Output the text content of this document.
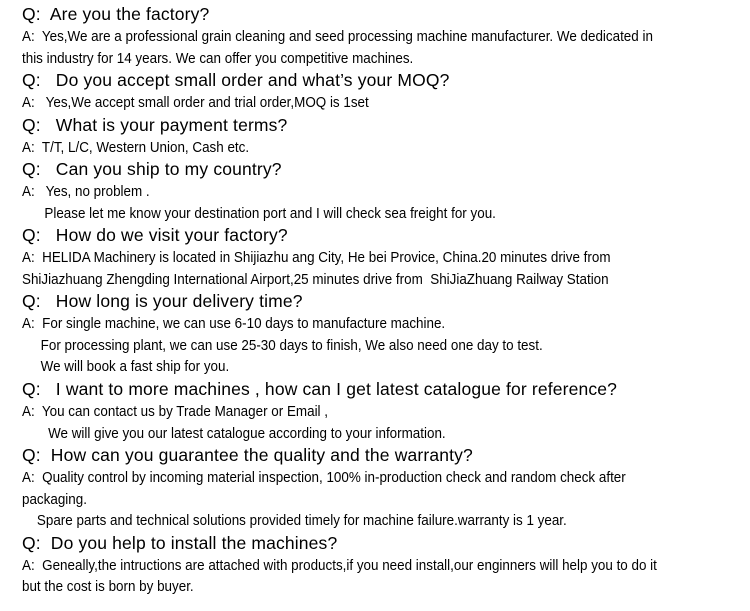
Q:  Are you the factory?
A:  Yes,We are a professional grain cleaning and seed processing machine manufacturer. We dedicated in
this industry for 14 years. We can offer you competitive machines.
Q:   Do you accept small order and what’s your MOQ?
A:   Yes,We accept small order and trial order,MOQ is 1set
Q:   What is your payment terms?
A:  T/T, L/C, Western Union, Cash etc.
Q:   Can you ship to my country?
A:   Yes, no problem .
Please let me know your destination port and I will check sea freight for you.
Q:   How do we visit your factory?
A:  HELIDA Machinery is located in Shijiazhu ang City, He bei Provice, China.20 minutes drive from
ShiJiazhuang Zhengding International Airport,25 minutes drive from  ShiJiaZhuang Railway Station
Q:   How long is your delivery time?
A:  For single machine, we can use 6-10 days to manufacture machine.
For processing plant, we can use 25-30 days to finish, We also need one day to test.
We will book a fast ship for you.
Q:   I want to more machines , how can I get latest catalogue for reference?
A:  You can contact us by Trade Manager or Email ,
We will give you our latest catalogue according to your information.
Q:  How can you guarantee the quality and the warranty?
A:  Quality control by incoming material inspection, 100% in-production check and random check after
packaging.
Spare parts and technical solutions provided timely for machine failure.warranty is 1 year.
Q:  Do you help to install the machines?
A:  Geneally,the intructions are attached with products,if you need install,our enginners will help you to do it
but the cost is born by buyer.
